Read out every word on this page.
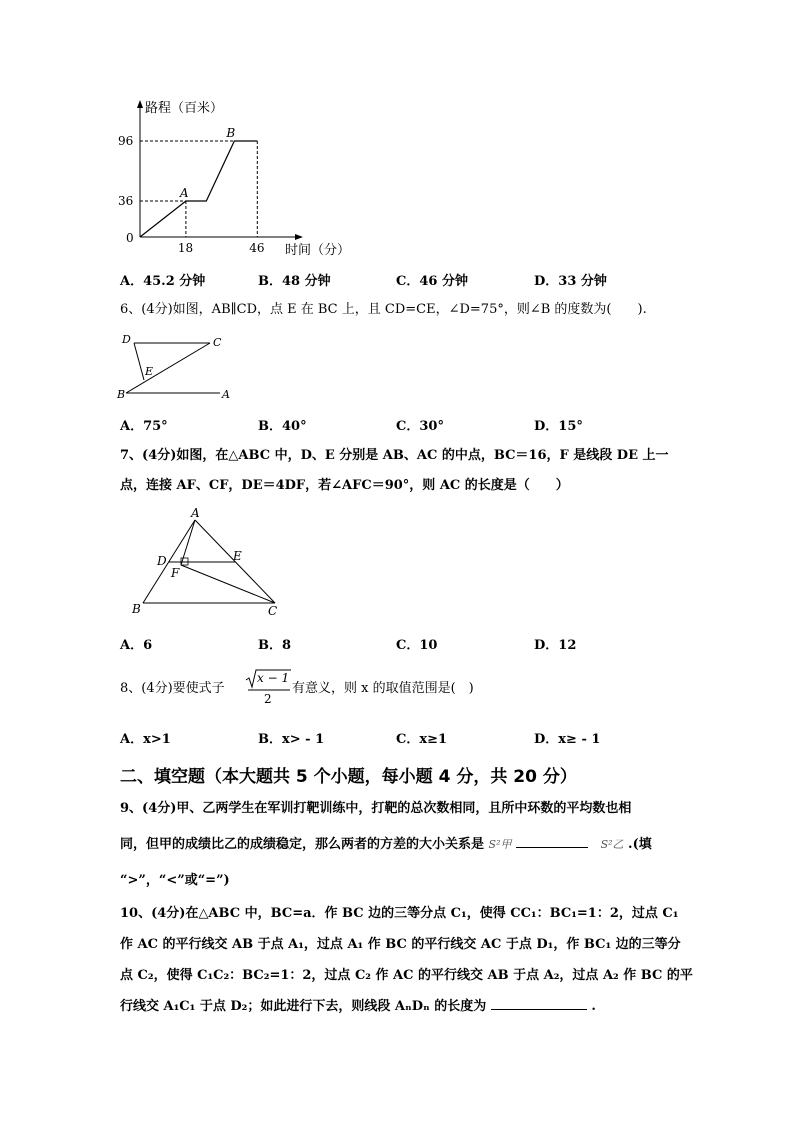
路程（百米）
时间（分）
0
18	46
36
96
A
B
A．45.2 分钟	B．48 分钟	C．46 分钟	D．33 分钟
6、(4分)如图，AB∥CD，点 E 在 BC 上，且 CD=CE，∠D=75°，则∠B 的度数为(　　).
D	C
E
B	A
A．75°	B．40°	C．30°	D．15°
7、(4分)如图，在△ABC 中，D、E 分别是 AB、AC 的中点，BC＝16，F 是线段 DE 上一
点，连接 AF、CF，DE＝4DF，若∠AFC＝90°，则 AC 的长度是（　　）
A
D	E
F
B	C
A．6	B．8	C．10	D．12
8、(4分)要使式子
x − 1
2
有意义，则 x 的取值范围是(　)
A．x>1	B．x> - 1	C．x≥1	D．x≥ - 1
二、填空题（本大题共 5 个小题，每小题 4 分，共 20 分）
9、(4分)甲、乙两学生在军训打靶训练中，打靶的总次数相同，且所中环数的平均数也相
同，但甲的成绩比乙的成绩稳定，那么两者的方差的大小关系是 S²甲	S²乙 .(填
“>”，“<”或“=”)
10、(4分)在△ABC 中，BC=a．作 BC 边的三等分点 C₁，使得 CC₁：BC₁=1：2，过点 C₁
作 AC 的平行线交 AB 于点 A₁，过点 A₁ 作 BC 的平行线交 AC 于点 D₁，作 BC₁ 边的三等分
点 C₂，使得 C₁C₂：BC₂=1：2，过点 C₂ 作 AC 的平行线交 AB 于点 A₂，过点 A₂ 作 BC 的平
行线交 A₁C₁ 于点 D₂；如此进行下去，则线段 AₙDₙ 的长度为	.
